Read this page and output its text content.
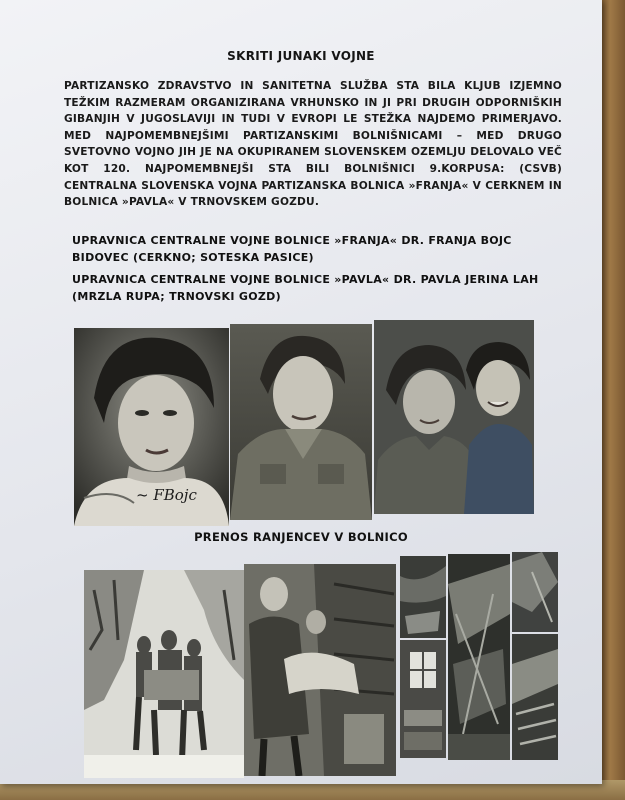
SKRITI JUNAKI VOJNE
PARTIZANSKO ZDRAVSTVO IN SANITETNA SLUŽBA STA BILA KLJUB IZJEMNO TEŽKIM RAZMERAM ORGANIZIRANA VRHUNSKO IN JI PRI DRUGIH ODPORNIŠKIH GIBANJIH V JUGOSLAVIJI IN TUDI V EVROPI LE STEŽKA NAJDEMO PRIMERJAVO. MED NAJPOMEMBNEJŠIMI PARTIZANSKIMI BOLNIŠNICAMI – MED DRUGO SVETOVNO VOJNO JIH JE NA OKUPIRANEM SLOVENSKEM OZEMLJU DELOVALO VEČ KOT 120. NAJPOMEMBNEJŠI STA BILI BOLNIŠNICI 9.KORPUSA: (CSVB) CENTRALNA SLOVENSKA VOJNA PARTIZANSKA BOLNICA »FRANJA« V CERKNEM IN BOLNICA »PAVLA« V TRNOVSKEM GOZDU.
UPRAVNICA CENTRALNE VOJNE BOLNICE »FRANJA« DR. FRANJA BOJC BIDOVEC (CERKNO; SOTESKA PASICE)
UPRAVNICA CENTRALNE VOJNE BOLNICE »PAVLA« DR. PAVLA JERINA LAH (MRZLA RUPA; TRNOVSKI GOZD)
~ FBojc
PRENOS RANJENCEV V BOLNICO
